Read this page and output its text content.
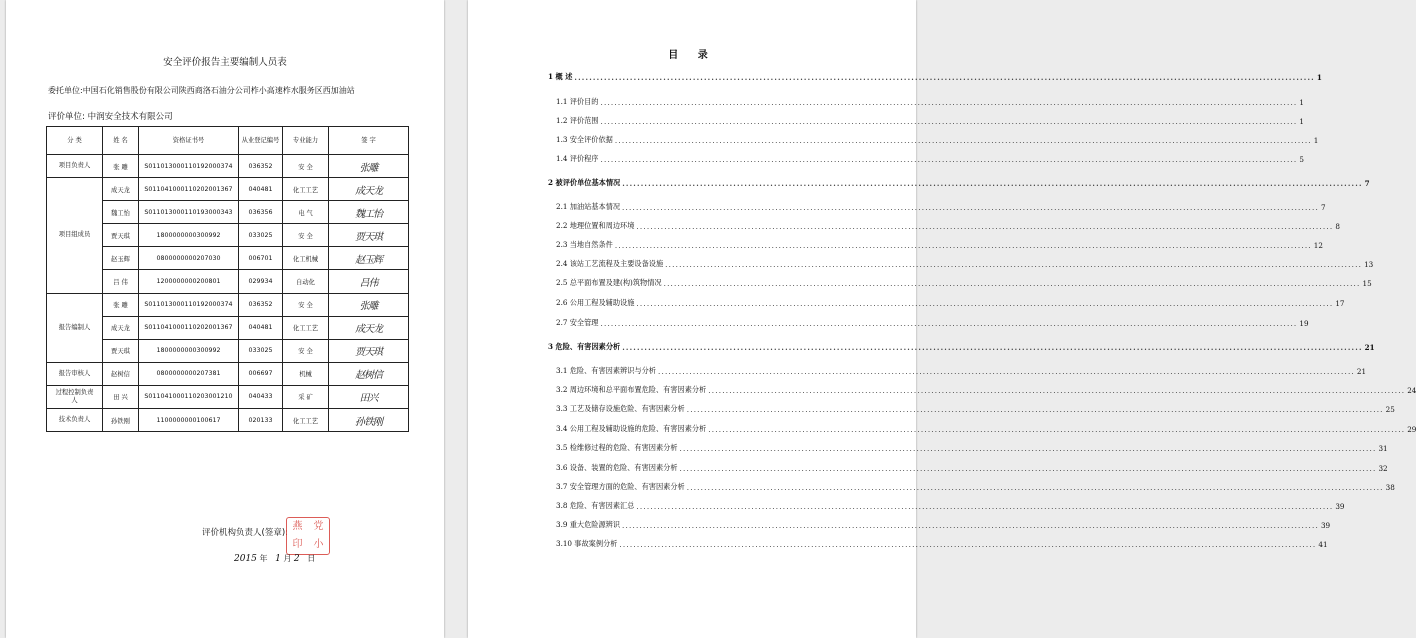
安全评价报告主要编制人员表
委托单位:中国石化销售股份有限公司陕西商洛石油分公司柞小高速柞水服务区西加油站
评价单位: 中润安全技术有限公司
分 类	姓 名	资格证书号	从业登记编号	专业能力	签 字
项目负责人	张 雕	S011013000110192000374	036352	安 全	张雕
项目组成员	成天龙	S011041000110202001367	040481	化工工艺	成天龙
	魏工怡	S011013000110193000343	036356	电 气	魏工怡
	贾天琪	1800000000300992	033025	安 全	贾天琪
	赵玉辉	0800000000207030	006701	化工机械	赵玉辉
	吕 伟	1200000000200801	029934	自动化	吕伟
报告编制人	张 雕	S011013000110192000374	036352	安 全	张雕
	成天龙	S011041000110202001367	040481	化工工艺	成天龙
	贾天琪	1800000000300992	033025	安 全	贾天琪
报告审核人	赵树信	0800000000207381	006697	机械	赵树信
过程控制负责人	田 兴	S011041000110203001210	040433	采 矿	田兴
技术负责人	孙铁刚	1100000000100617	020133	化工工艺	孙铁刚
评价机构负责人(签章):
燕 党
印 小
2015 年 1 月 2 日
目 录
1 概 述 ........................................................................................................................................................................................................ 1
1.1 评价目的 ........................................................................................................................................................................................................ 1
1.2 评价范围 ........................................................................................................................................................................................................ 1
1.3 安全评价依据 ........................................................................................................................................................................................................ 1
1.4 评价程序 ........................................................................................................................................................................................................ 5
2 被评价单位基本情况 ........................................................................................................................................................................................................ 7
2.1 加油站基本情况 ........................................................................................................................................................................................................ 7
2.2 地理位置和周边环境 ........................................................................................................................................................................................................ 8
2.3 当地自然条件 ........................................................................................................................................................................................................ 12
2.4 该站工艺流程及主要设备设施 ........................................................................................................................................................................................................ 13
2.5 总平面布置及建(构)筑物情况 ........................................................................................................................................................................................................ 15
2.6 公用工程及辅助设施 ........................................................................................................................................................................................................ 17
2.7 安全管理 ........................................................................................................................................................................................................ 19
3 危险、有害因素分析 ........................................................................................................................................................................................................ 21
3.1 危险、有害因素辨识与分析 ........................................................................................................................................................................................................ 21
3.2 周边环境和总平面布置危险、有害因素分析 ........................................................................................................................................................................................................ 24
3.3 工艺及储存设施危险、有害因素分析 ........................................................................................................................................................................................................ 25
3.4 公用工程及辅助设施的危险、有害因素分析 ........................................................................................................................................................................................................ 29
3.5 检维修过程的危险、有害因素分析 ........................................................................................................................................................................................................ 31
3.6 设备、装置的危险、有害因素分析 ........................................................................................................................................................................................................ 32
3.7 安全管理方面的危险、有害因素分析 ........................................................................................................................................................................................................ 38
3.8 危险、有害因素汇总 ........................................................................................................................................................................................................ 39
3.9 重大危险源辨识 ........................................................................................................................................................................................................ 39
3.10 事故案例分析 ........................................................................................................................................................................................................ 41
